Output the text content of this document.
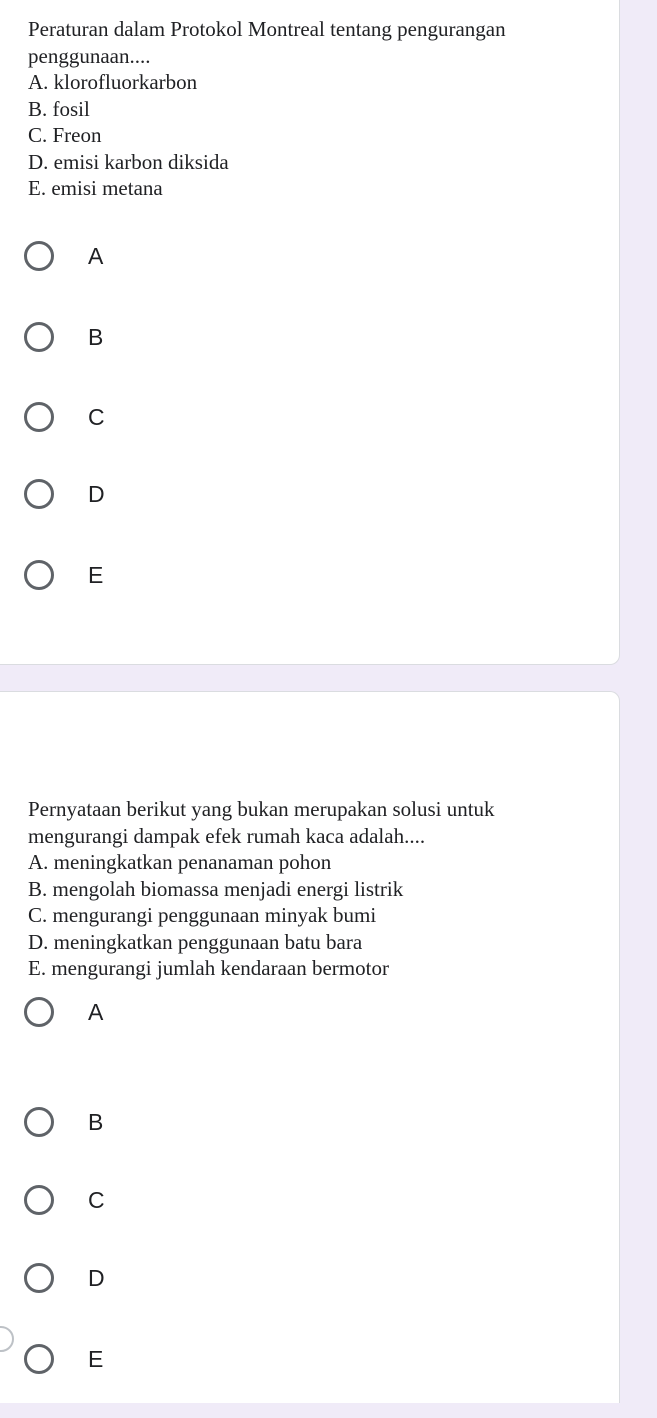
Peraturan dalam Protokol Montreal tentang pengurangan
penggunaan....
A. klorofluorkarbon
B. fosil
C. Freon
D. emisi karbon diksida
E. emisi metana
A
B
C
D
E
Pernyataan berikut yang bukan merupakan solusi untuk
mengurangi dampak efek rumah kaca adalah....
A. meningkatkan penanaman pohon
B. mengolah biomassa menjadi energi listrik
C. mengurangi penggunaan minyak bumi
D. meningkatkan penggunaan batu bara
E. mengurangi jumlah kendaraan bermotor
A
B
C
D
E
